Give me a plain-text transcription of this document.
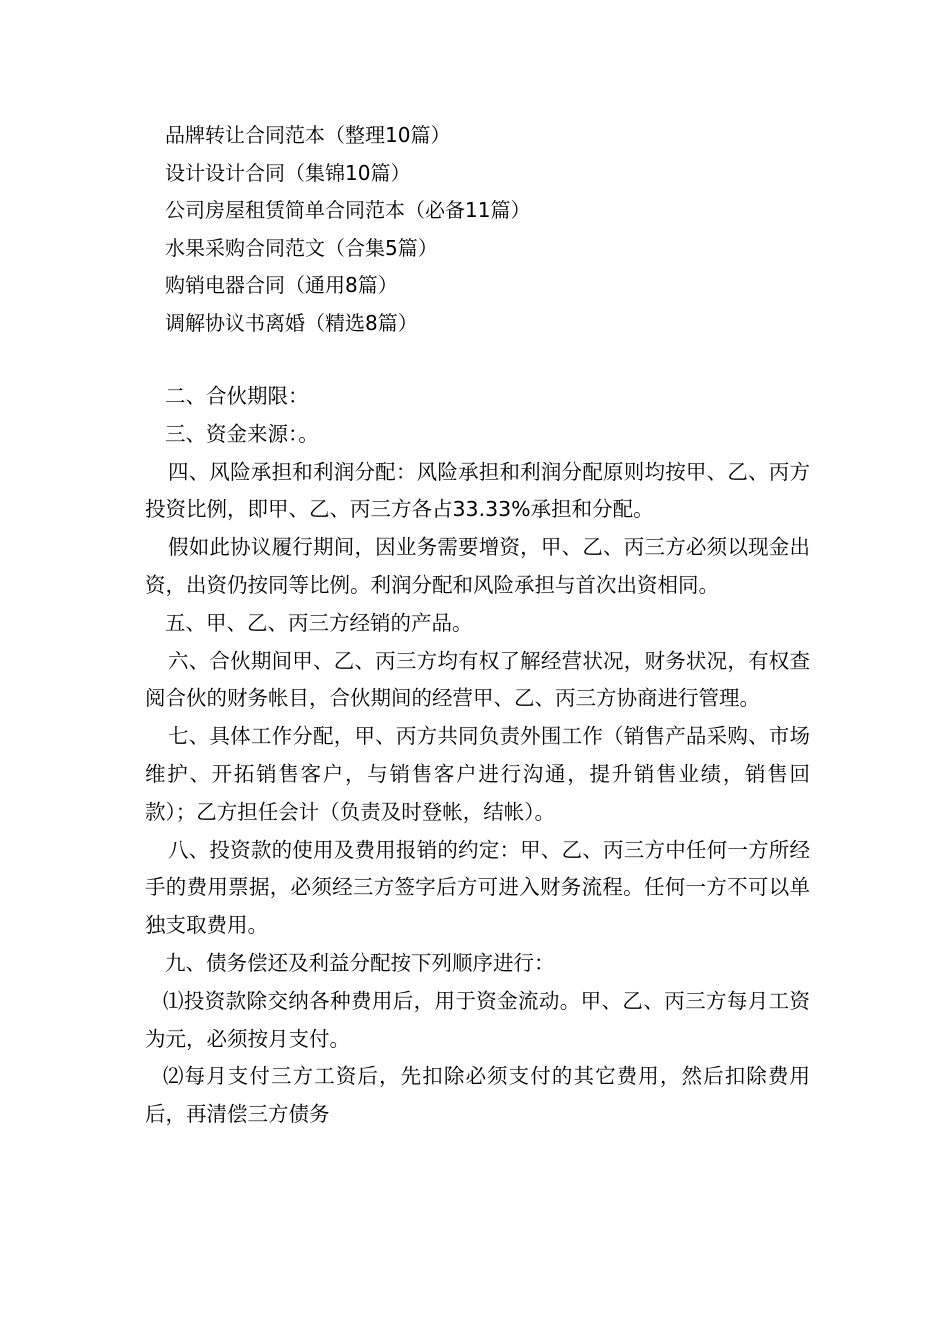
品牌转让合同范本（整理10篇）
设计设计合同（集锦10篇）
公司房屋租赁简单合同范本（必备11篇）
水果采购合同范文（合集5篇）
购销电器合同（通用8篇）
调解协议书离婚（精选8篇）

二、合伙期限：

三、资金来源：。

四、风险承担和利润分配：风险承担和利润分配原则均按甲、乙、丙方投资比例，即甲、乙、丙三方各占33.33%承担和分配。

假如此协议履行期间，因业务需要增资，甲、乙、丙三方必须以现金出资，出资仍按同等比例。利润分配和风险承担与首次出资相同。

五、甲、乙、丙三方经销的产品。

六、合伙期间甲、乙、丙三方均有权了解经营状况，财务状况，有权查阅合伙的财务帐目，合伙期间的经营甲、乙、丙三方协商进行管理。

七、具体工作分配，甲、丙方共同负责外围工作（销售产品采购、市场维护、开拓销售客户，与销售客户进行沟通，提升销售业绩，销售回款）；乙方担任会计（负责及时登帐，结帐）。

八、投资款的使用及费用报销的约定：甲、乙、丙三方中任何一方所经手的费用票据，必须经三方签字后方可进入财务流程。任何一方不可以单独支取费用。

九、债务偿还及利益分配按下列顺序进行：

⑴投资款除交纳各种费用后，用于资金流动。甲、乙、丙三方每月工资为元，必须按月支付。

⑵每月支付三方工资后，先扣除必须支付的其它费用，然后扣除费用后，再清偿三方债务
